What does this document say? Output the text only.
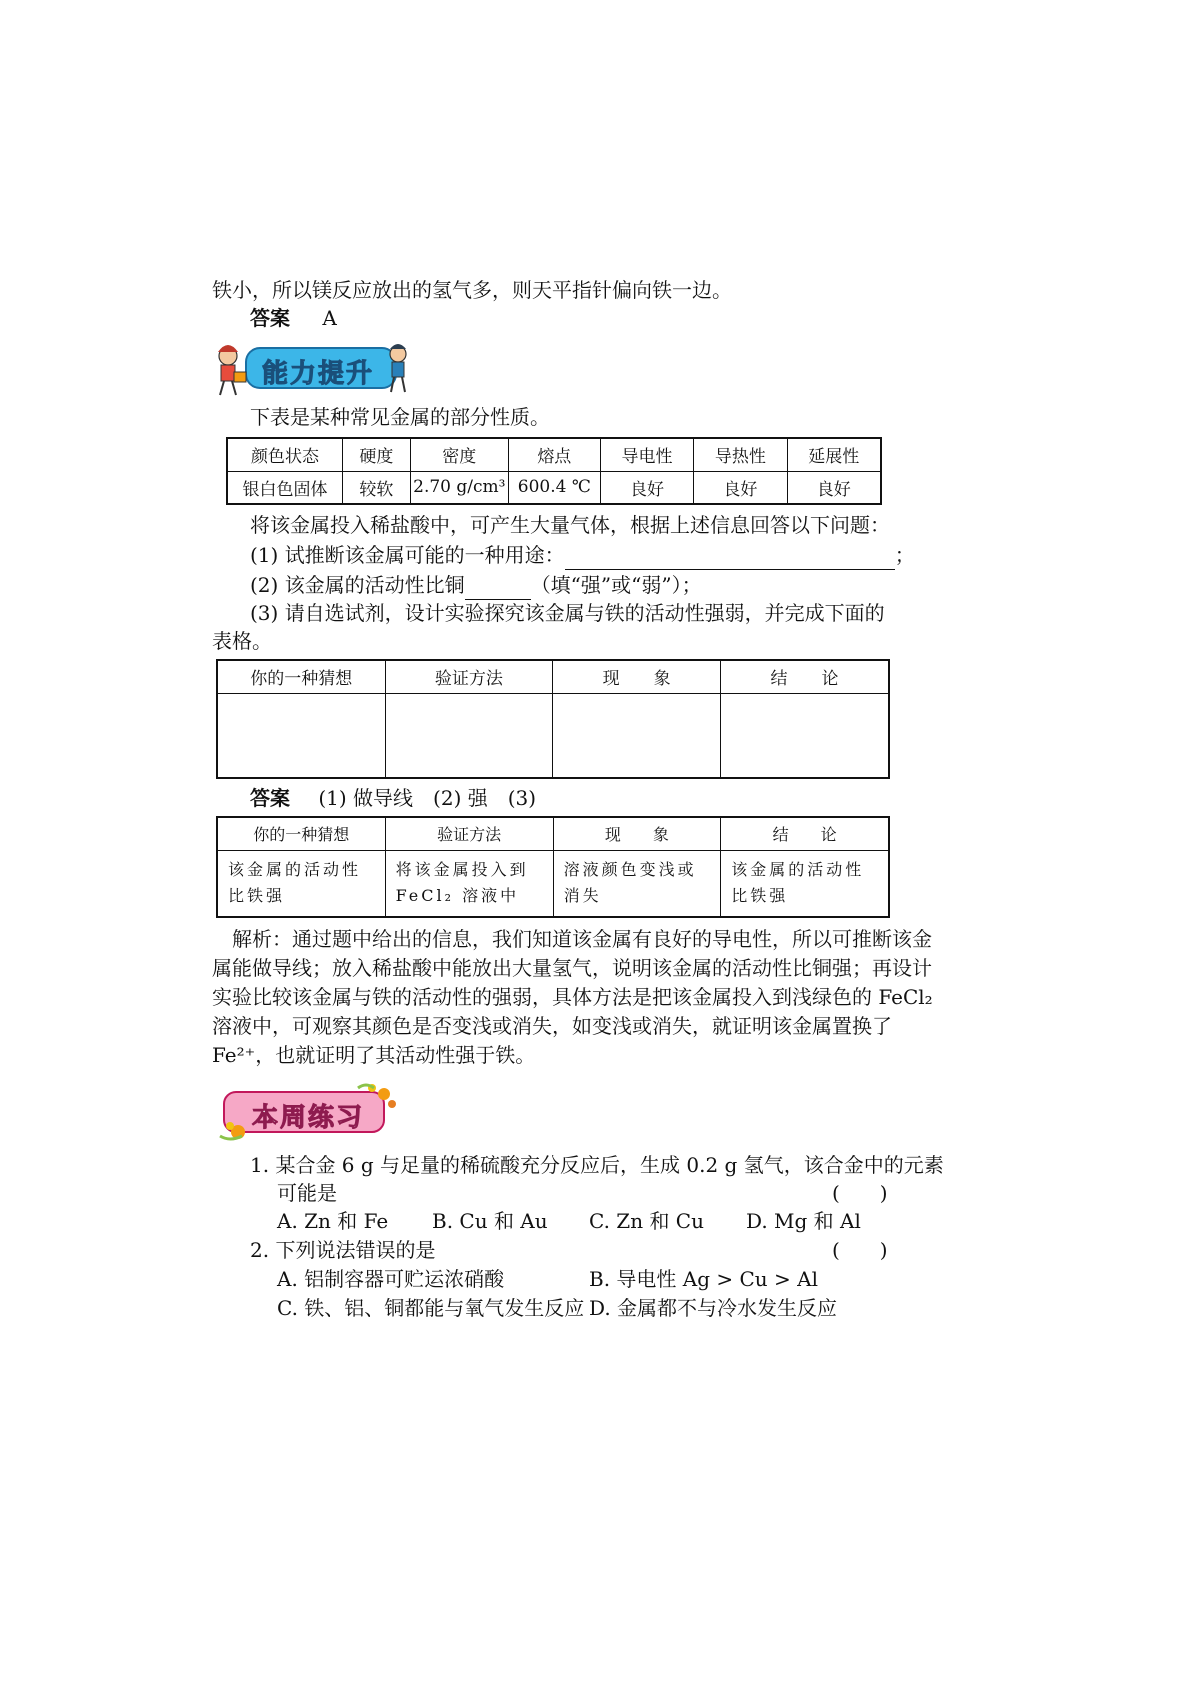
铁小，所以镁反应放出的氢气多，则天平指针偏向铁一边。
答案 A
能力提升
下表是某种常见金属的部分性质。
颜色状态	硬度	密度	熔点	导电性	导热性	延展性
银白色固体	较软	2.70 g/cm³	600.4 ℃	良好	良好	良好
将该金属投入稀盐酸中，可产生大量气体，根据上述信息回答以下问题：
(1) 试推断该金属可能的一种用途：	；
(2) 该金属的活动性比铜	（填“强”或“弱”）；
(3) 请自选试剂，设计实验探究该金属与铁的活动性强弱，并完成下面的
表格。
你的一种猜想	验证方法	现　　象	结　　论

答案 (1) 做导线　(2) 强　(3)
你的一种猜想	验证方法	现　　象	结　　论
该金属的活动性比铁强	将该金属投入到
FeCl₂ 溶液中	溶液颜色变浅或消失	该金属的活动性比铁强
解析：通过题中给出的信息，我们知道该金属有良好的导电性，所以可推断该金
属能做导线；放入稀盐酸中能放出大量氢气，说明该金属的活动性比铜强；再设计
实验比较该金属与铁的活动性的强弱，具体方法是把该金属投入到浅绿色的 FeCl₂
溶液中，可观察其颜色是否变浅或消失，如变浅或消失，就证明该金属置换了
Fe²⁺，也就证明了其活动性强于铁。
本周练习
1. 某合金 6 g 与足量的稀硫酸充分反应后，生成 0.2 g 氢气，该合金中的元素
可能是	(　　)
A. Zn 和 Fe B. Cu 和 Au C. Zn 和 Cu D. Mg 和 Al
2. 下列说法错误的是	(　　)
A. 铝制容器可贮运浓硝酸	B. 导电性 Ag > Cu > Al
C. 铁、铝、铜都能与氧气发生反应 D. 金属都不与冷水发生反应
